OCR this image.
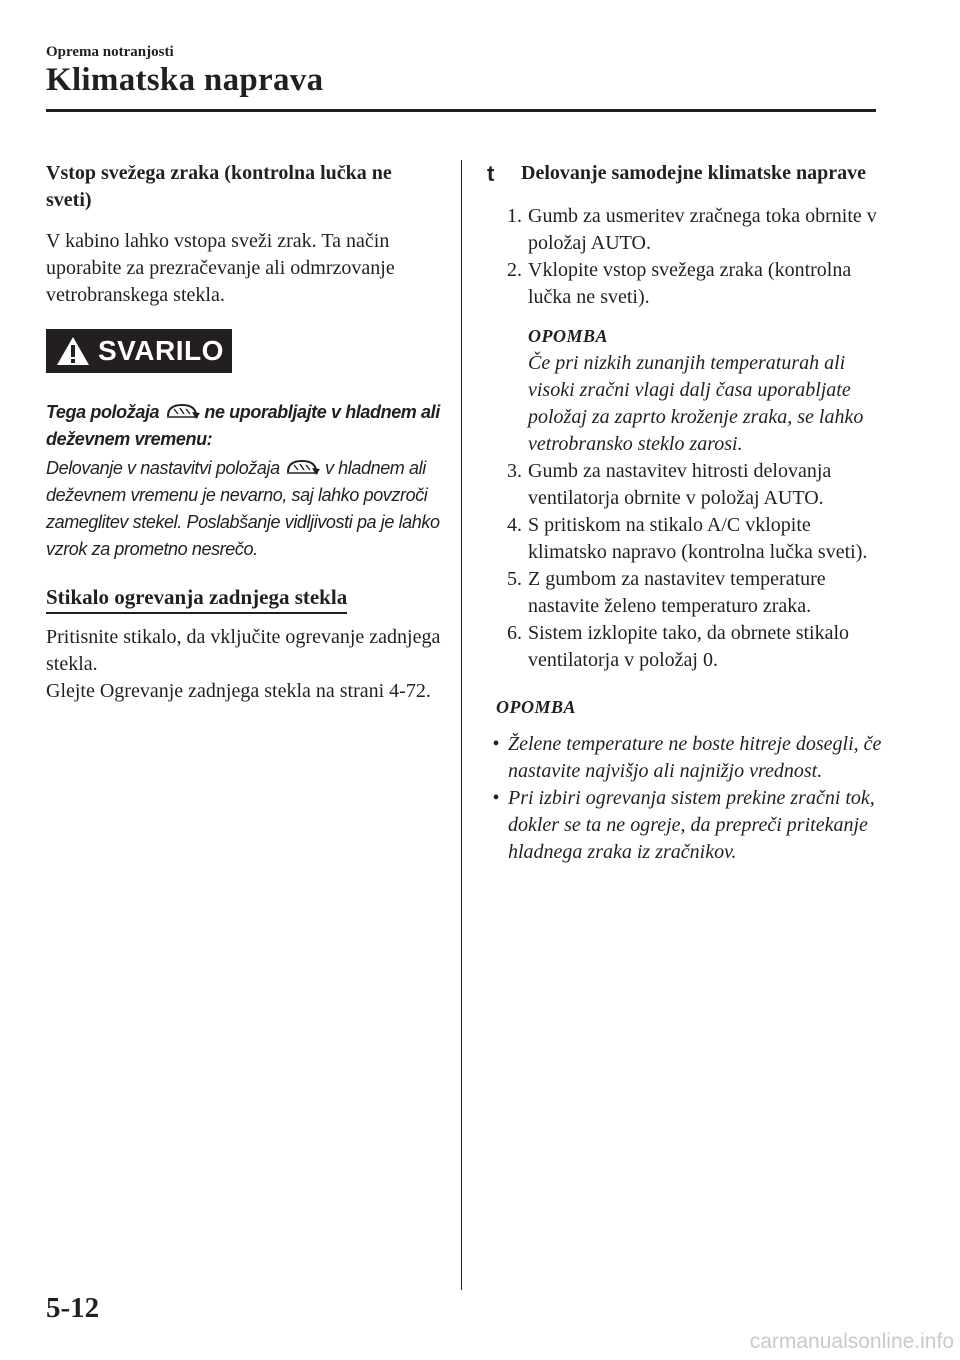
Oprema notranjosti
Klimatska naprava
Vstop svežega zraka (kontrolna lučka ne sveti)

V kabino lahko vstopa sveži zrak. Ta način uporabite za prezračevanje ali odmrzovanje vetrobranskega stekla.

SVARILO

Tega položaja  ne uporabljajte v hladnem ali deževnem vremenu:

Delovanje v nastavitvi položaja  v hladnem ali deževnem vremenu je nevarno, saj lahko povzroči zameglitev stekel. Poslabšanje vidljivosti pa je lahko vzrok za prometno nesrečo.

Stikalo ogrevanja zadnjega stekla

Pritisnite stikalo, da vključite ogrevanje zadnjega stekla.

Glejte Ogrevanje zadnjega stekla na strani 4-72.

t	Delovanje samodejne klimatske naprave
1. Gumb za usmeritev zračnega toka obrnite v položaj AUTO.
2. Vklopite vstop svežega zraka (kontrolna lučka ne sveti).
OPOMBA
Če pri nizkih zunanjih temperaturah ali visoki zračni vlagi dalj časa uporabljate položaj za zaprto kroženje zraka, se lahko vetrobransko steklo zarosi.
3. Gumb za nastavitev hitrosti delovanja ventilatorja obrnite v položaj AUTO.
4. S pritiskom na stikalo A/C vklopite klimatsko napravo (kontrolna lučka sveti).
5. Z gumbom za nastavitev temperature nastavite želeno temperaturo zraka.
6. Sistem izklopite tako, da obrnete stikalo ventilatorja v položaj 0.
OPOMBA
• Želene temperature ne boste hitreje dosegli, če nastavite najvišjo ali najnižjo vrednost.
• Pri izbiri ogrevanja sistem prekine zračni tok, dokler se ta ne ogreje, da prepreči pritekanje hladnega zraka iz zračnikov.
5-12
carmanualsonline.info
